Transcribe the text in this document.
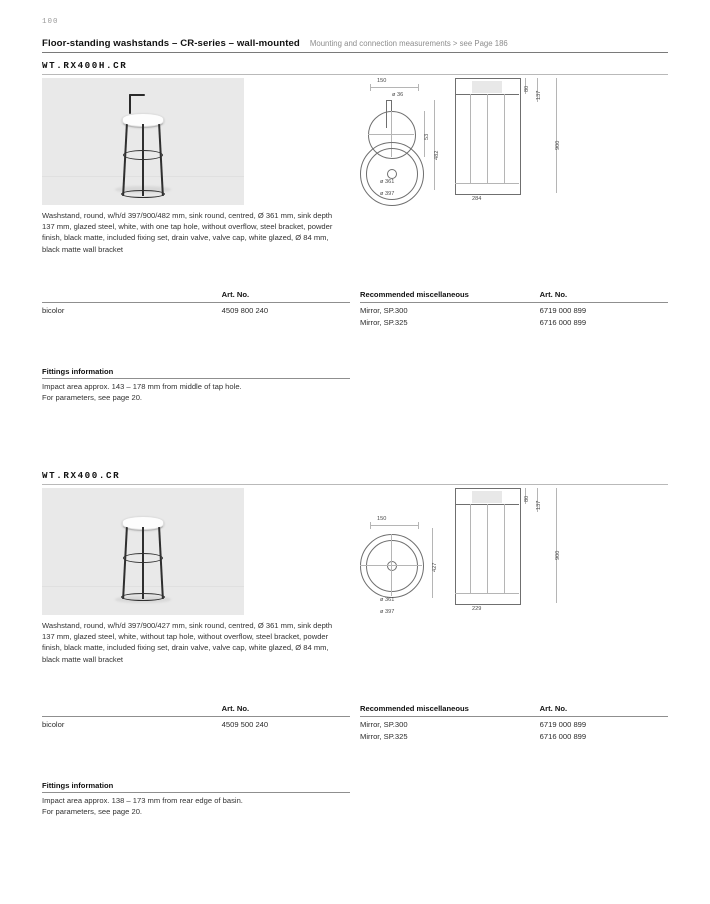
100
Floor-standing washstands – CR-series – wall-mounted Mounting and connection measurements > see Page 186
WT.RX400H.CR
Washstand, round, w/h/d 397/900/482 mm, sink round, centred, Ø 361 mm, sink depth 137 mm, glazed steel, white, with one tap hole, without overflow, steel bracket, powder finish, black matte, included fixing set, drain valve, valve cap, white glazed, Ø 84 mm, black matte wall bracket
Art. No.
bicolor	4509 800 240
Recommended miscellaneous	Art. No.
Mirror, SP.300	6719 000 899
Mirror, SP.325	6716 000 899
Fittings information
Impact area approx. 143 – 178 mm from middle of tap hole.
For parameters, see page 20.
150
ø 36
ø 361
ø 397
53
482
80
137
900
284
WT.RX400.CR
Washstand, round, w/h/d 397/900/427 mm, sink round, centred, Ø 361 mm, sink depth 137 mm, glazed steel, white, without tap hole, without overflow, steel bracket, powder finish, black matte, included fixing set, drain valve, valve cap, white glazed, Ø 84 mm, black matte wall bracket
Art. No.
bicolor	4509 500 240
Recommended miscellaneous	Art. No.
Mirror, SP.300	6719 000 899
Mirror, SP.325	6716 000 899
Fittings information
Impact area approx. 138 – 173 mm from rear edge of basin.
For parameters, see page 20.
150
ø 361
ø 397
427
80
137
900
229
